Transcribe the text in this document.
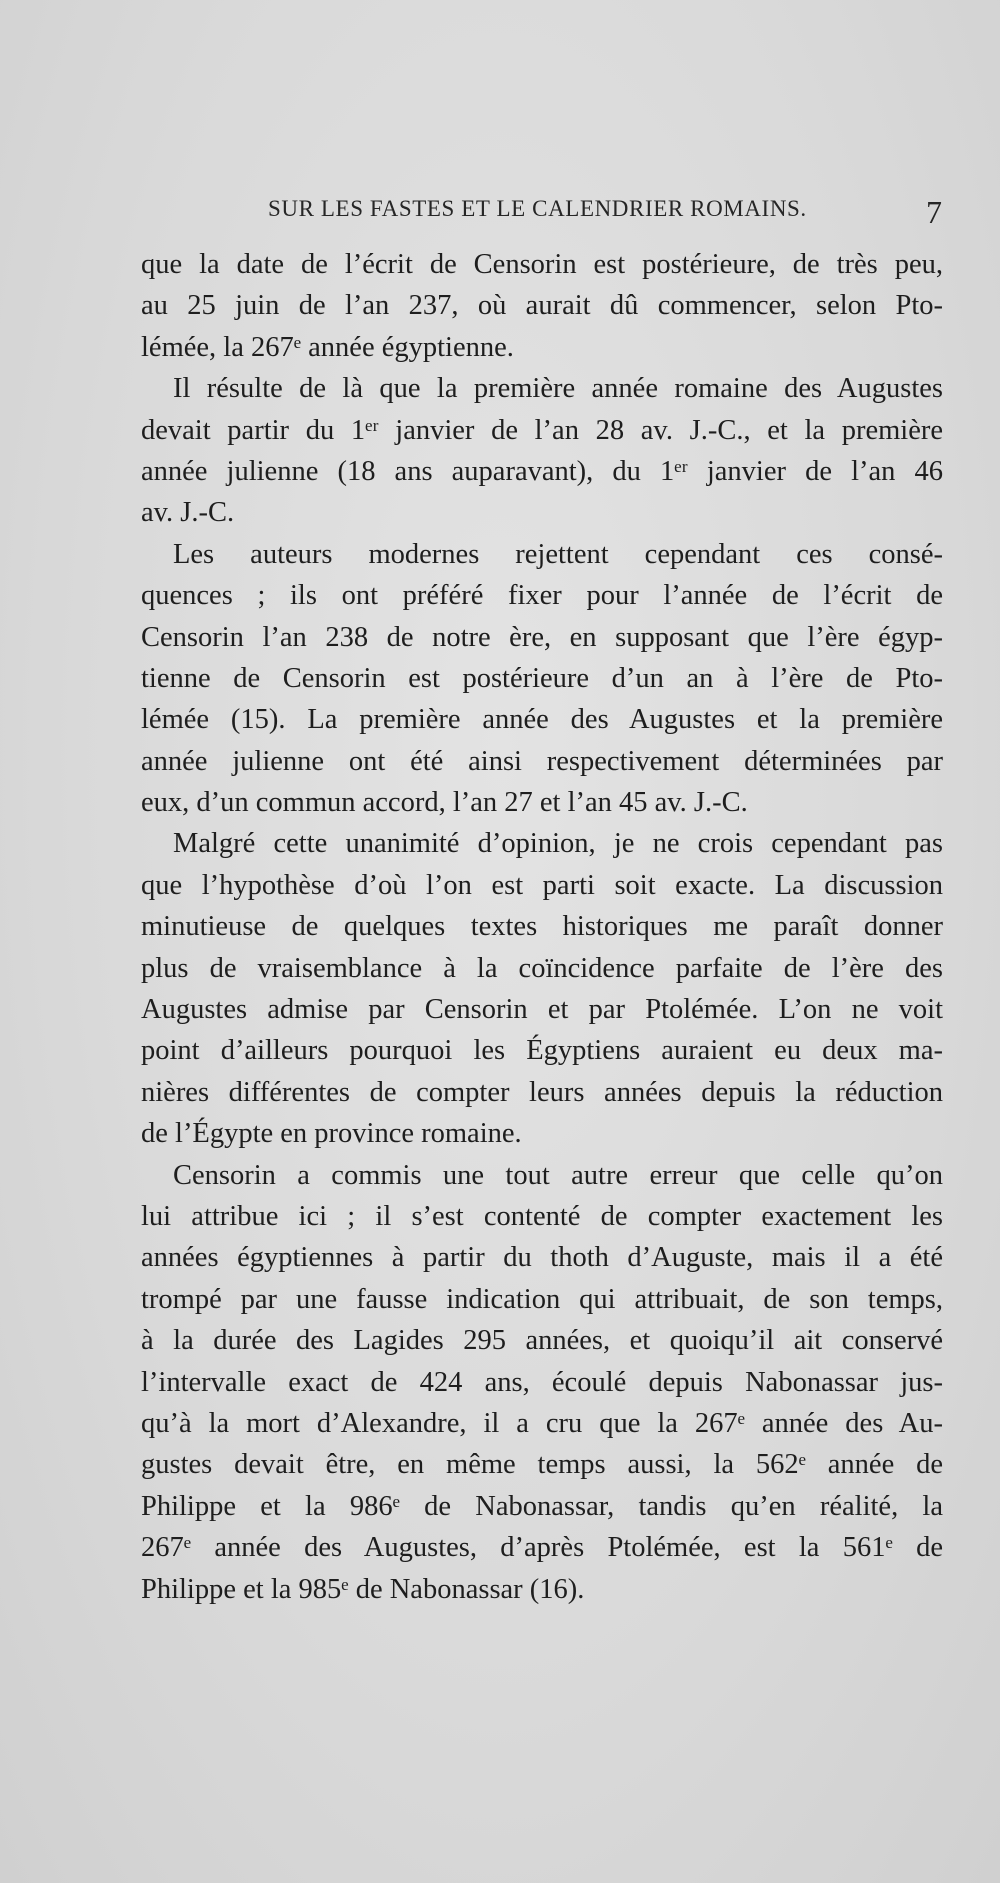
SUR LES FASTES ET LE CALENDRIER ROMAINS.	7
que la date de l’écrit de Censorin est postérieure, de très peu,
au 25 juin de l’an 237, où aurait dû commencer, selon Pto-
lémée, la 267ᵉ année égyptienne.
Il résulte de là que la première année romaine des Augustes
devait partir du 1ᵉʳ janvier de l’an 28 av. J.-C., et la première
année julienne (18 ans auparavant), du 1ᵉʳ janvier de l’an 46
av. J.-C.
Les auteurs modernes rejettent cependant ces consé-
quences ; ils ont préféré fixer pour l’année de l’écrit de
Censorin l’an 238 de notre ère, en supposant que l’ère égyp-
tienne de Censorin est postérieure d’un an à l’ère de Pto-
lémée (15). La première année des Augustes et la première
année julienne ont été ainsi respectivement déterminées par
eux, d’un commun accord, l’an 27 et l’an 45 av. J.-C.
Malgré cette unanimité d’opinion, je ne crois cependant pas
que l’hypothèse d’où l’on est parti soit exacte. La discussion
minutieuse de quelques textes historiques me paraît donner
plus de vraisemblance à la coïncidence parfaite de l’ère des
Augustes admise par Censorin et par Ptolémée. L’on ne voit
point d’ailleurs pourquoi les Égyptiens auraient eu deux ma-
nières différentes de compter leurs années depuis la réduction
de l’Égypte en province romaine.
Censorin a commis une tout autre erreur que celle qu’on
lui attribue ici ; il s’est contenté de compter exactement les
années égyptiennes à partir du thoth d’Auguste, mais il a été
trompé par une fausse indication qui attribuait, de son temps,
à la durée des Lagides 295 années, et quoiqu’il ait conservé
l’intervalle exact de 424 ans, écoulé depuis Nabonassar jus-
qu’à la mort d’Alexandre, il a cru que la 267ᵉ année des Au-
gustes devait être, en même temps aussi, la 562ᵉ année de
Philippe et la 986ᵉ de Nabonassar, tandis qu’en réalité, la
267ᵉ année des Augustes, d’après Ptolémée, est la 561ᵉ de
Philippe et la 985ᵉ de Nabonassar (16).
